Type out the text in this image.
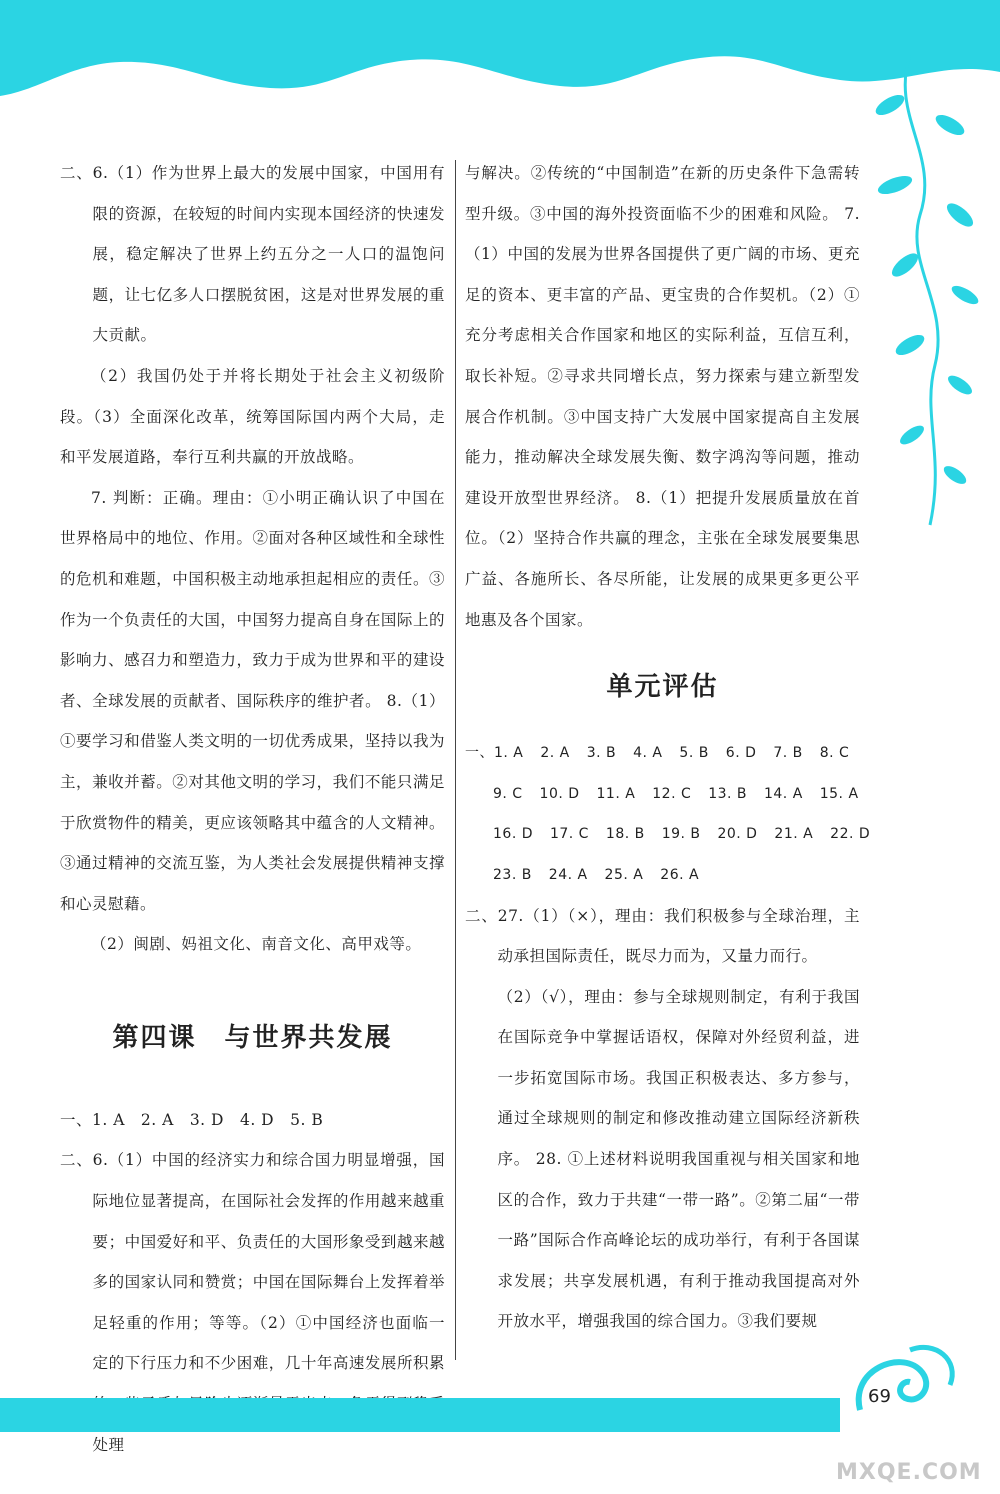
二、6.（1）作为世界上最大的发展中国家，中国用有限的资源，在较短的时间内实现本国经济的快速发展，稳定解决了世界上约五分之一人口的温饱问题，让七亿多人口摆脱贫困，这是对世界发展的重大贡献。

（2）我国仍处于并将长期处于社会主义初级阶段。（3）全面深化改革，统筹国际国内两个大局，走和平发展道路，奉行互利共赢的开放战略。

7. 判断：正确。理由：①小明正确认识了中国在世界格局中的地位、作用。②面对各种区域性和全球性的危机和难题，中国积极主动地承担起相应的责任。③作为一个负责任的大国，中国努力提高自身在国际上的影响力、感召力和塑造力，致力于成为世界和平的建设者、全球发展的贡献者、国际秩序的维护者。 8.（1）①要学习和借鉴人类文明的一切优秀成果，坚持以我为主，兼收并蓄。②对其他文明的学习，我们不能只满足于欣赏物件的精美，更应该领略其中蕴含的人文精神。③通过精神的交流互鉴，为人类社会发展提供精神支撑和心灵慰藉。

（2）闽剧、妈祖文化、南音文化、高甲戏等。

第四课　与世界共发展

一、1. A　2. A　3. D　4. D　5. B

二、6.（1）中国的经济实力和综合国力明显增强，国际地位显著提高，在国际社会发挥的作用越来越重要；中国爱好和平、负责任的大国形象受到越来越多的国家认同和赞赏；中国在国际舞台上发挥着举足轻重的作用；等等。（2）①中国经济也面临一定的下行压力和不少困难，几十年高速发展所积累 处理

与解决。②传统的“中国制造”在新的历史条件下急需转型升级。③中国的海外投资面临不少的困难和风险。 7.（1）中国的发展为世界各国提供了更广阔的市场、更充足的资本、更丰富的产品、更宝贵的合作契机。（2）①充分考虑相关合作国家和地区的实际利益，互信互利，取长补短。②寻求共同增长点，努力探索与建立新型发展合作机制。③中国支持广大发展中国家提高自主发展能力，推动解决全球发展失衡、数字鸿沟等问题，推动建设开放型世界经济。 8.（1）把提升发展质量放在首位。（2）坚持合作共赢的理念，主张在全球发展要集思广益、各施所长、各尽所能，让发展的成果更多更公平地惠及各个国家。

单元评估
一、1. A 2. A 3. B 4. A 5. B 6. D 7. B 8. C
9. C 10. D 11. A 12. C 13. B 14. A 15. A
16. D 17. C 18. B 19. B 20. D 21. A 22. D
23. B 24. A 25. A 26. A

二、27.（1）（×），理由：我们积极参与全球治理，主动承担国际责任，既尽力而为，又量力而行。

（2）（√），理由：参与全球规则制定，有利于我国在国际竞争中掌握话语权，保障对外经贸利益，进一步拓宽国际市场。我国正积极表达、多方参与，通过全球规则的制定和修改推动建立国际经济新秩序。 28. ①上述材料说明我国重视与相关国家和地区的合作，致力于共建“一带一路”。②第二届“一带一路”国际合作高峰论坛的成功举行，有利于各国谋求发展；共享发展机遇，有利于推动我国提高对外开放水平，增强我国的综合国力。③我们要规

69
MXQE.COM
